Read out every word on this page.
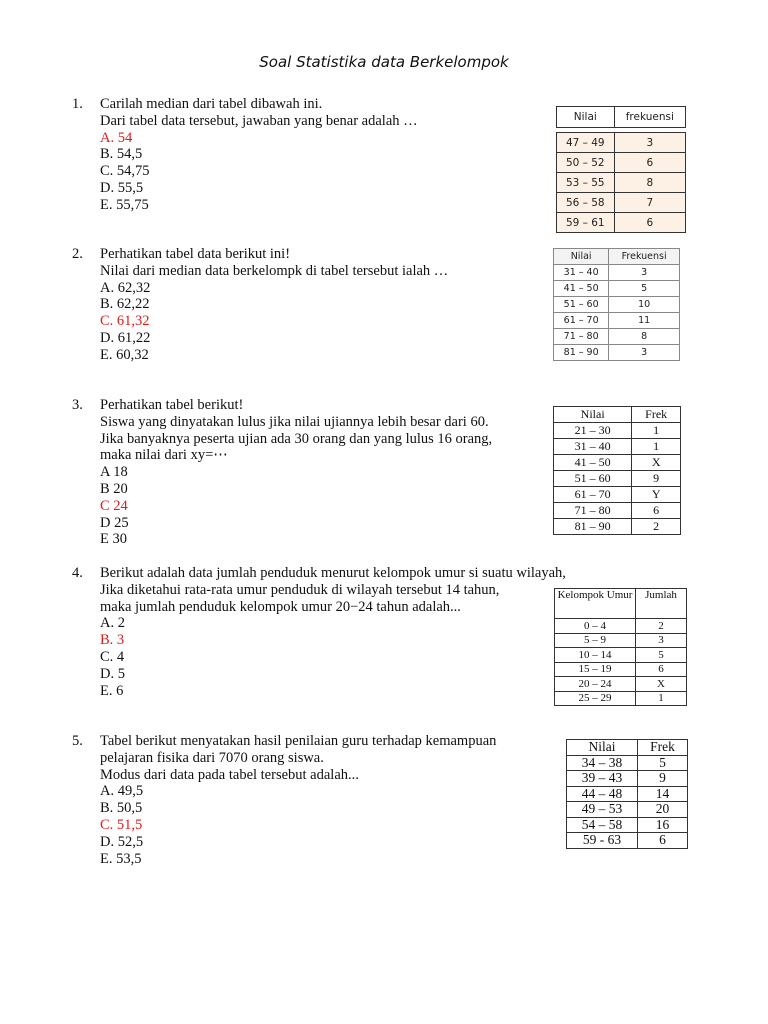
Soal Statistika data Berkelompok
1.	Carilah median dari tabel dibawah ini.
Dari tabel data tersebut, jawaban yang benar adalah …
A. 54
B. 54,5
C. 54,75
D. 55,5
E. 55,75
2.	Perhatikan tabel data berikut ini!
Nilai dari median data berkelompk di tabel tersebut ialah …
A. 62,32
B. 62,22
C. 61,32
D. 61,22
E. 60,32
3.	Perhatikan tabel berikut!
Siswa yang dinyatakan lulus jika nilai ujiannya lebih besar dari 60.
Jika banyaknya peserta ujian ada 30 orang dan yang lulus 16 orang,
maka nilai dari xy=⋯
A 18
B 20
C 24
D 25
E 30
4.	Berikut adalah data jumlah penduduk menurut kelompok umur si suatu wilayah,
Jika diketahui rata-rata umur penduduk di wilayah tersebut 14 tahun,
maka jumlah penduduk kelompok umur 20−24 tahun adalah...
A. 2
B. 3
C. 4
D. 5
E. 6
5.	Tabel berikut menyatakan hasil penilaian guru terhadap kemampuan
pelajaran fisika dari 7070 orang siswa.
Modus dari data pada tabel tersebut adalah...
A. 49,5
B. 50,5
C. 51,5
D. 52,5
E. 53,5
Nilai	frekuensi

47 – 49	3
50 – 52	6
53 – 55	8
56 – 58	7
59 – 61	6
Nilai	Frekuensi
31 – 40	3
41 – 50	5
51 – 60	10
61 – 70	11
71 – 80	8
81 – 90	3
Nilai	Frek
21 – 30	1
31 – 40	1
41 – 50	X
51 – 60	9
61 – 70	Y
71 – 80	6
81 – 90	2
Kelompok Umur	Jumlah
0 – 4	2
5 – 9	3
10 – 14	5
15 – 19	6
20 – 24	X
25 – 29	1
Nilai	Frek
34 – 38	5
39 – 43	9
44 – 48	14
49 – 53	20
54 – 58	16
59 - 63	6
